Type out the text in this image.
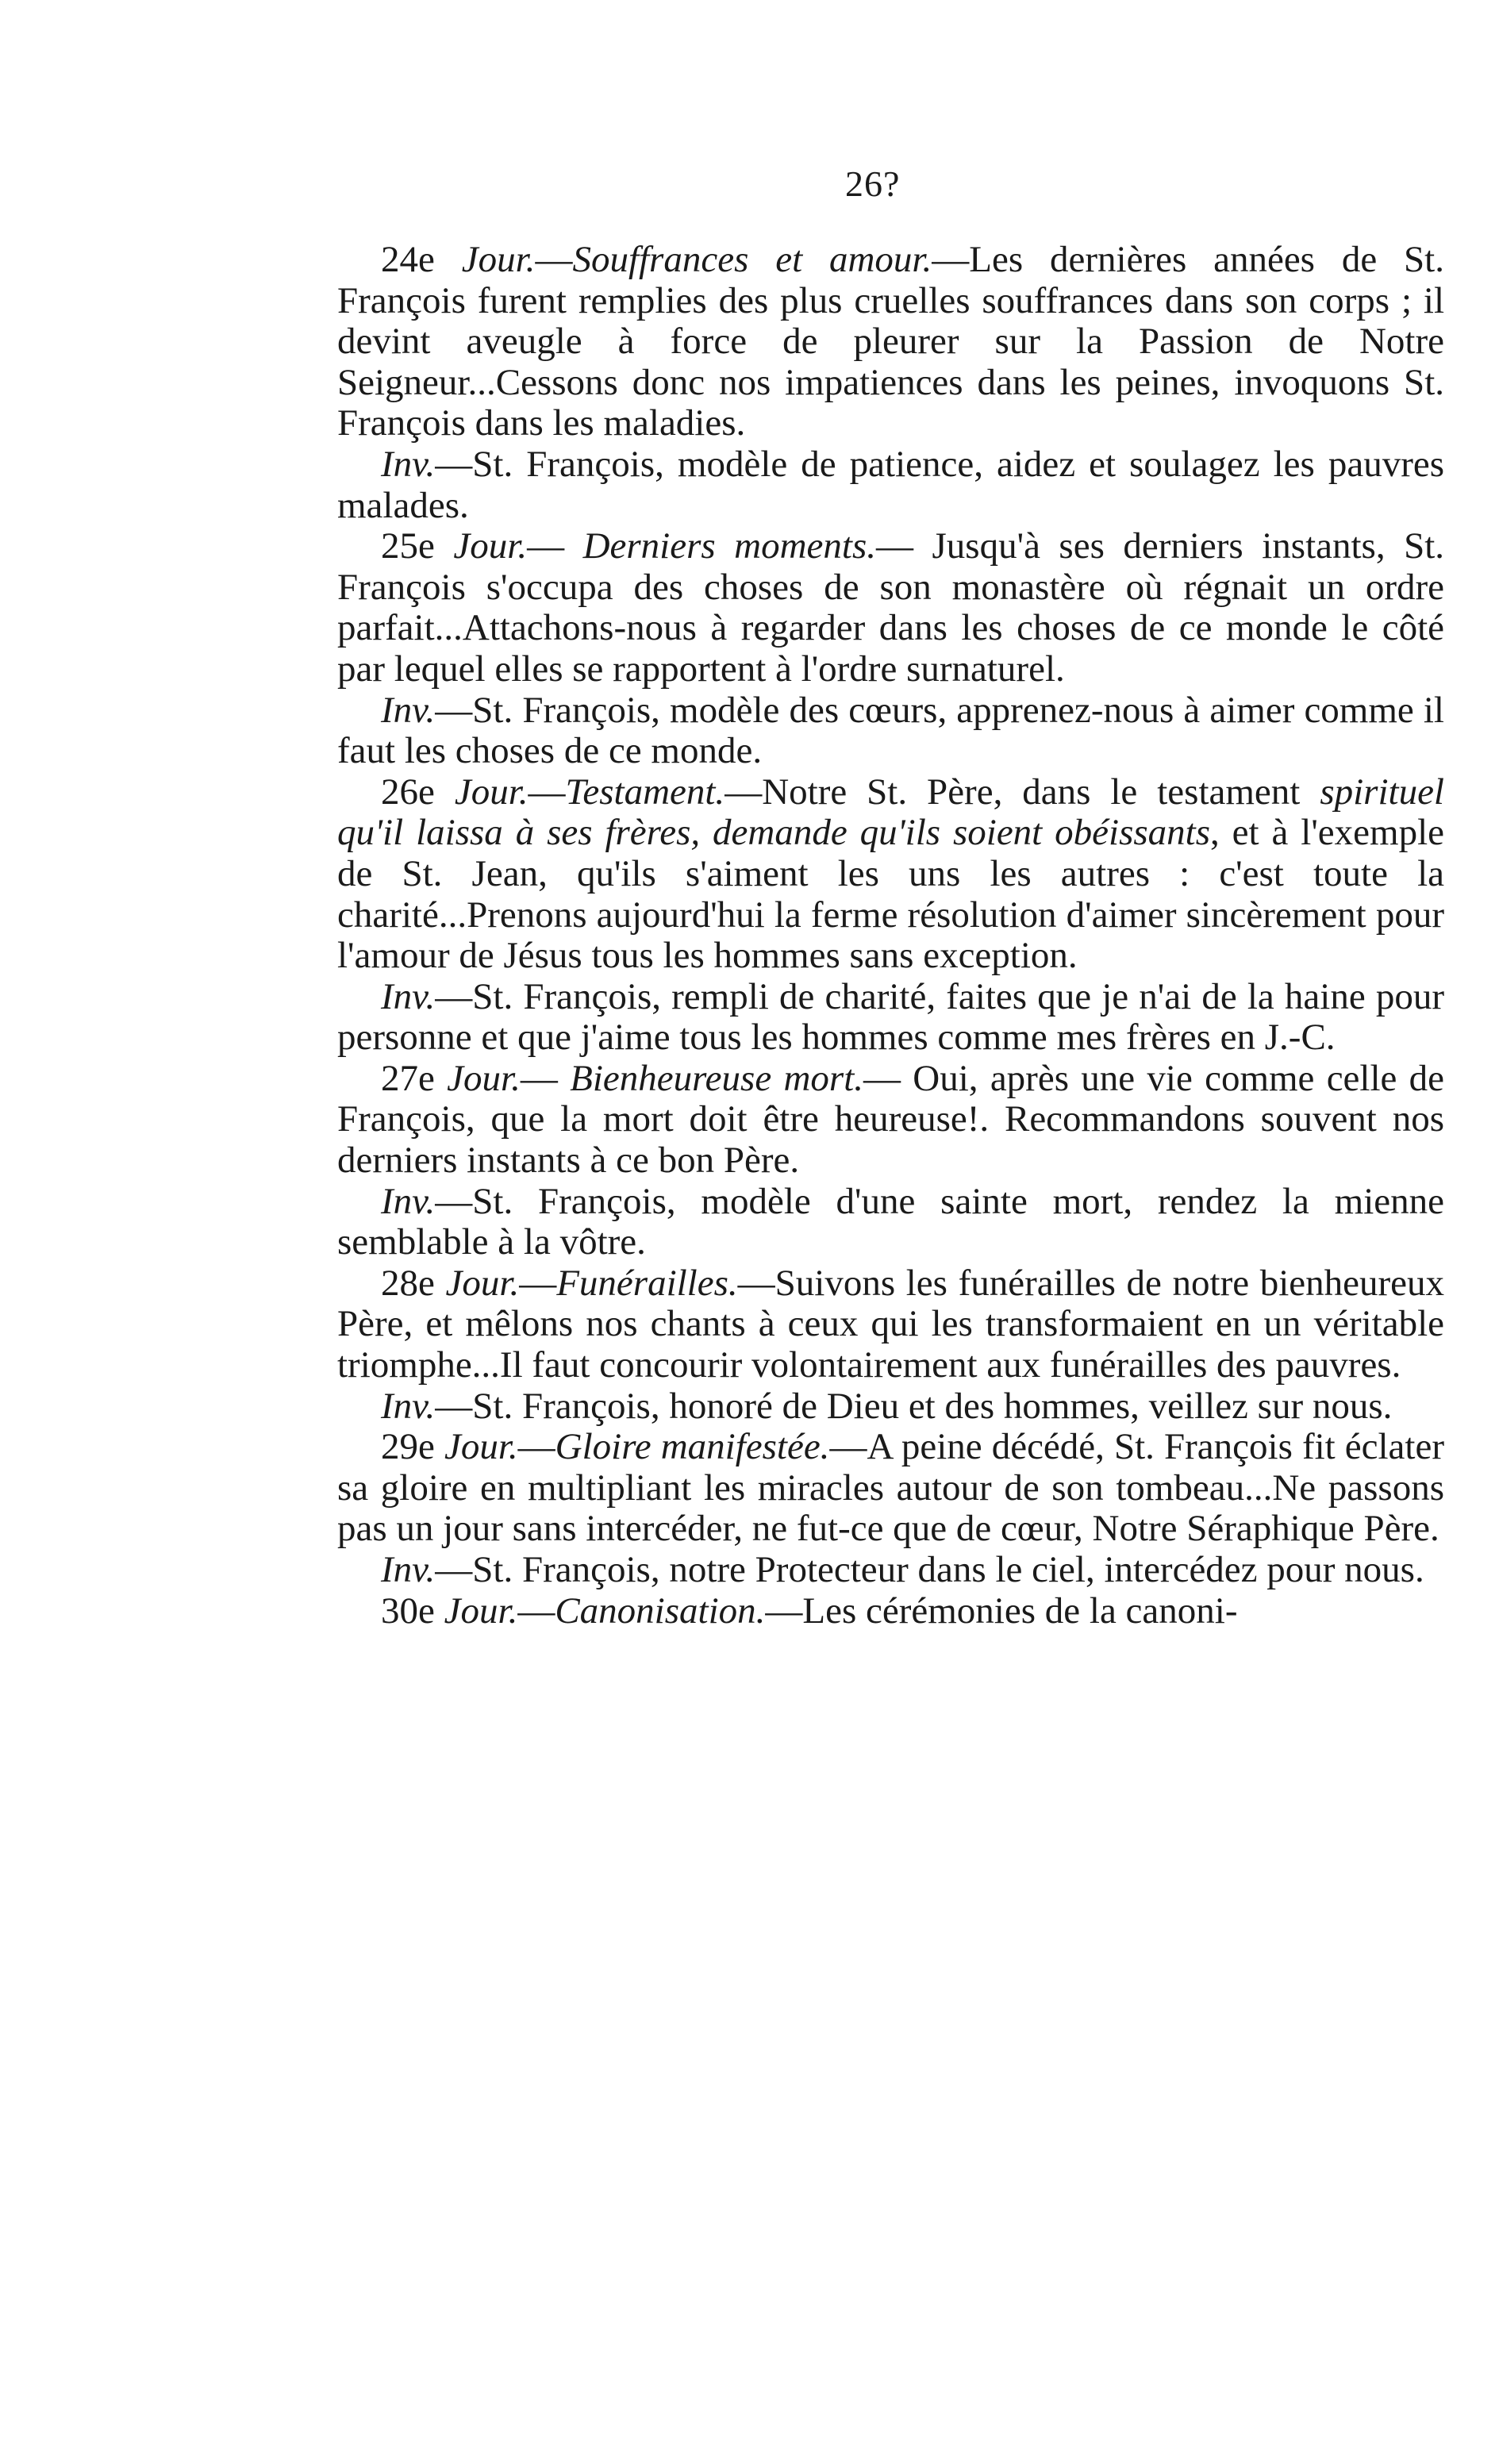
26?

24e Jour.—Souffrances et amour.—Les dernières années de St. François furent remplies des plus cruelles souffrances dans son corps ; il devint aveugle à force de pleurer sur la Passion de Notre Seigneur...Cessons donc nos impatiences dans les peines, invoquons St. François dans les maladies.

Inv.—St. François, modèle de patience, aidez et soulagez les pauvres malades.

25e Jour.— Derniers moments.— Jusqu'à ses derniers instants, St. François s'occupa des choses de son monastère où régnait un ordre parfait...Attachons-nous à regarder dans les choses de ce monde le côté par lequel elles se rapportent à l'ordre surnaturel.

Inv.—St. François, modèle des cœurs, apprenez-nous à aimer comme il faut les choses de ce monde.

26e Jour.—Testament.—Notre St. Père, dans le testament spirituel qu'il laissa à ses frères, demande qu'ils soient obéissants, et à l'exemple de St. Jean, qu'ils s'aiment les uns les autres : c'est toute la charité...Prenons aujourd'hui la ferme résolution d'aimer sincèrement pour l'amour de Jésus tous les hommes sans exception.

Inv.—St. François, rempli de charité, faites que je n'ai de la haine pour personne et que j'aime tous les hommes comme mes frères en J.-C.

27e Jour.— Bienheureuse mort.— Oui, après une vie comme celle de François, que la mort doit être heureuse!. Recommandons souvent nos derniers instants à ce bon Père.

Inv.—St. François, modèle d'une sainte mort, rendez la mienne semblable à la vôtre.

28e Jour.—Funérailles.—Suivons les funérailles de notre bienheureux Père, et mêlons nos chants à ceux qui les transformaient en un véritable triomphe...Il faut concourir volontairement aux funérailles des pauvres.

Inv.—St. François, honoré de Dieu et des hommes, veillez sur nous.

29e Jour.—Gloire manifestée.—A peine décédé, St. François fit éclater sa gloire en multipliant les miracles autour de son tombeau...Ne passons pas un jour sans intercéder, ne fut-ce que de cœur, Notre Séraphique Père.

Inv.—St. François, notre Protecteur dans le ciel, intercédez pour nous.

30e Jour.—Canonisation.—Les cérémonies de la canoni-
